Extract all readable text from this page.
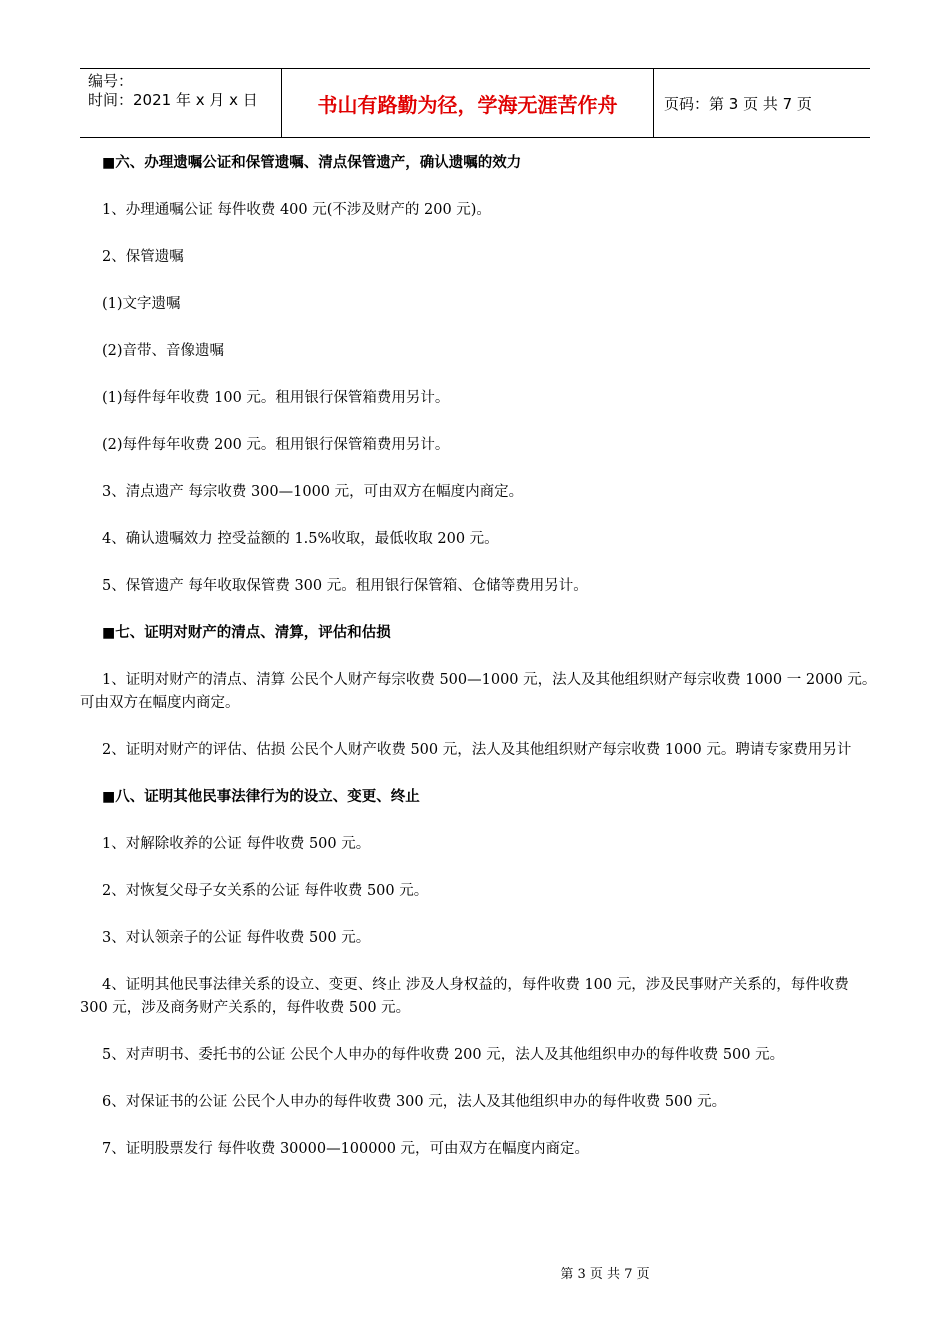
编号：
时间：2021 年 x 月 x 日	书山有路勤为径，学海无涯苦作舟	页码：第 3 页 共 7 页
■六、办理遗嘱公证和保管遗嘱、清点保管遗产，确认遗嘱的效力

1、办理通嘱公证 每件收费 400 元(不涉及财产的 200 元)。

2、保管遗嘱

(1)文字遗嘱

(2)音带、音像遗嘱

(1)每件每年收费 100 元。租用银行保管箱费用另计。

(2)每件每年收费 200 元。租用银行保管箱费用另计。

3、清点遗产 每宗收费 300—1000 元，可由双方在幅度内商定。

4、确认遗嘱效力 控受益额的 1.5%收取，最低收取 200 元。

5、保管遗产 每年收取保管费 300 元。租用银行保管箱、仓储等费用另计。

■七、证明对财产的清点、清算，评估和估损

1、证明对财产的清点、清算 公民个人财产每宗收费 500—1000 元，法人及其他组织财产每宗收费 1000 一 2000 元。可由双方在幅度内商定。

2、证明对财产的评估、估损 公民个人财产收费 500 元，法人及其他组织财产每宗收费 1000 元。聘请专家费用另计

■八、证明其他民事法律行为的设立、变更、终止

1、对解除收养的公证 每件收费 500 元。

2、对恢复父母子女关系的公证 每件收费 500 元。

3、对认领亲子的公证 每件收费 500 元。

4、证明其他民事法律关系的设立、变更、终止 涉及人身权益的，每件收费 100 元，涉及民事财产关系的，每件收费 300 元，涉及商务财产关系的，每件收费 500 元。

5、对声明书、委托书的公证 公民个人申办的每件收费 200 元，法人及其他组织申办的每件收费 500 元。

6、对保证书的公证 公民个人申办的每件收费 300 元，法人及其他组织申办的每件收费 500 元。

7、证明股票发行 每件收费 30000—100000 元，可由双方在幅度内商定。

第 3 页 共 7 页
